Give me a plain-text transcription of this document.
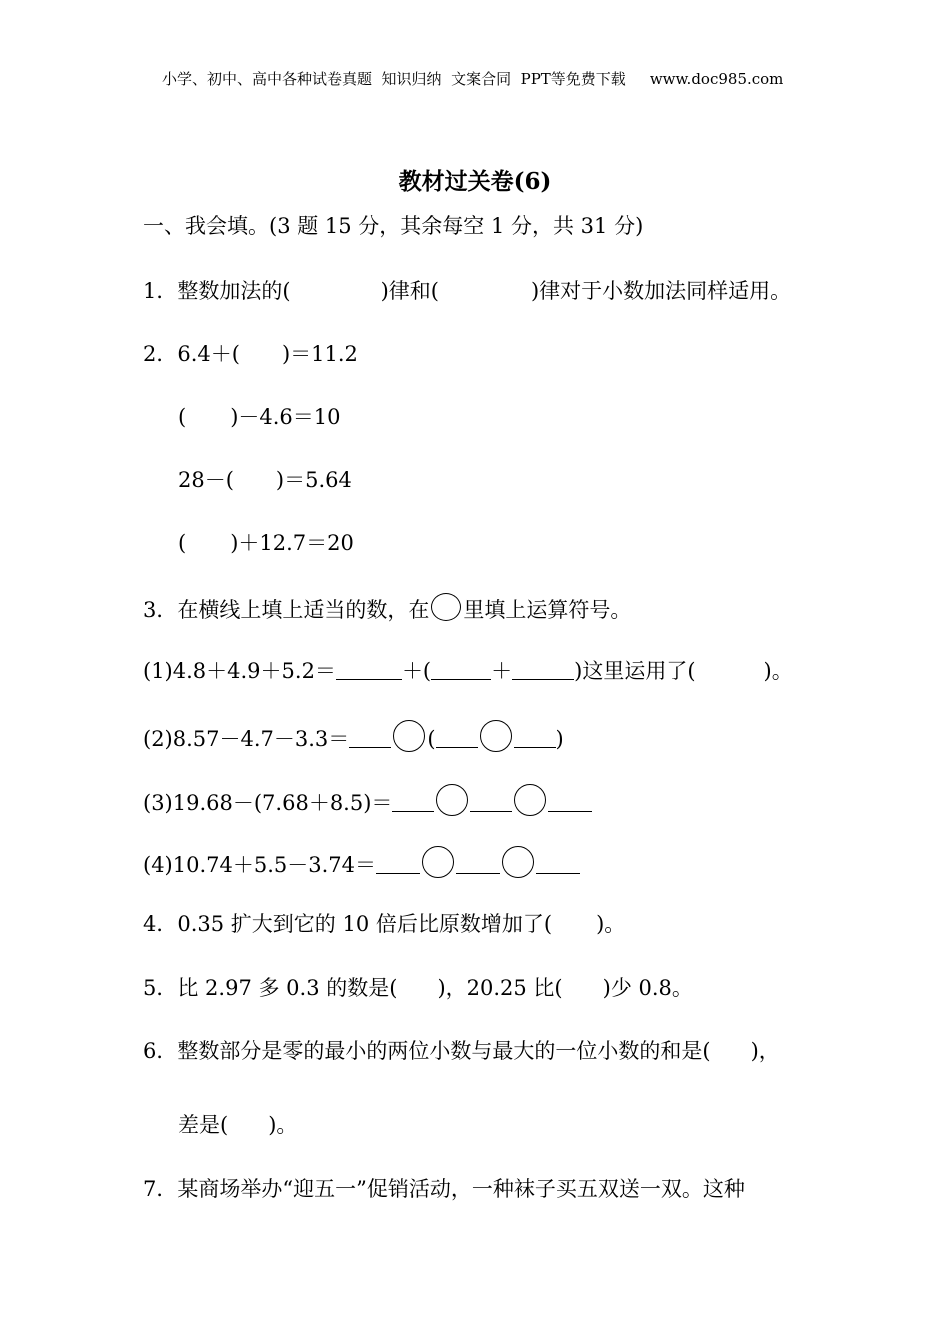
小学、初中、高中各种试卷真题  知识归纳  文案合同  PPT等免费下载 www.doc985.com
教材过关卷(6)
一、我会填。(3 题 15 分，其余每空 1 分，共 31 分)
1．整数加法的(	)律和(	)律对于小数加法同样适用。
2．6.4＋( )＝11.2
( )－4.6＝10
28－( )＝5.64
( )＋12.7＝20
3．在横线上填上适当的数，在 里填上运算符号。
(1)4.8＋4.9＋5.2＝	＋(	＋	)这里运用了(	)。
(2)8.57－4.7－3.3＝	(	)
(3)19.68－(7.68＋8.5)＝
(4)10.74＋5.5－3.74＝
4．0.35 扩大到它的 10 倍后比原数增加了( )。
5．比 2.97 多 0.3 的数是( )，20.25 比( )少 0.8。
6．整数部分是零的最小的两位小数与最大的一位小数的和是( )，
差是( )。
7．某商场举办“迎五一”促销活动，一种袜子买五双送一双。这种
